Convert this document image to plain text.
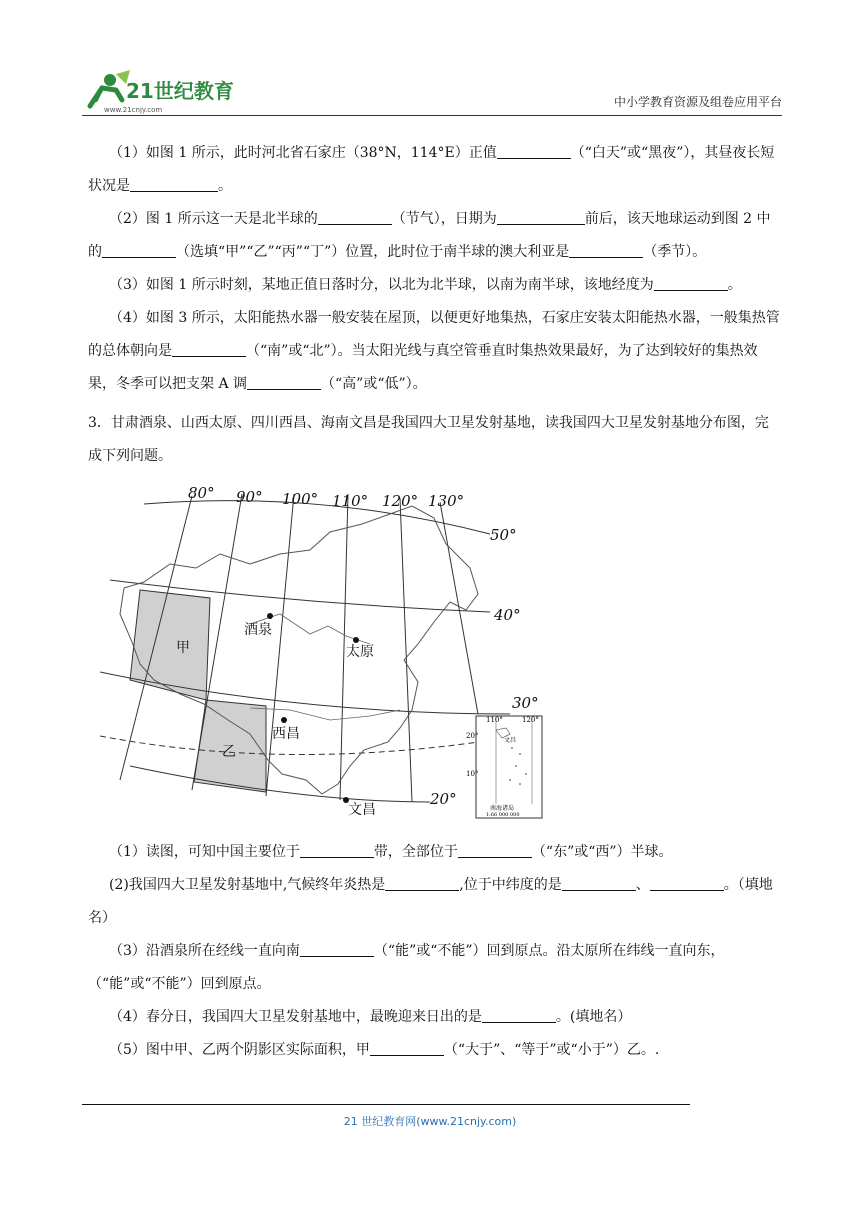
21世纪教育
www.21cnjy.com
中小学教育资源及组卷应用平台

（1）如图 1 所示，此时河北省石家庄（38°N，114°E）正值	（“白天”或“黑夜”），其昼夜长短状况是	。

（2）图 1 所示这一天是北半球的	（节气），日期为	前后，该天地球运动到图 2 中的	（选填“甲”“乙”“丙”“丁”）位置，此时位于南半球的澳大利亚是	（季节）。

（3）如图 1 所示时刻，某地正值日落时分，以北为北半球，以南为南半球，该地经度为	。

（4）如图 3 所示，太阳能热水器一般安装在屋顶，以便更好地集热，石家庄安装太阳能热水器，一般集热管的总体朝向是	（“南”或“北”）。当太阳光线与真空管垂直时集热效果最好，为了达到较好的集热效果，冬季可以把支架 A 调	（“高”或“低”）。

3．甘肃酒泉、山西太原、四川西昌、海南文昌是我国四大卫星发射基地，读我国四大卫星发射基地分布图，完成下列问题。

80° 90° 100° 110° 120° 130°
50°
40°
30°
20°
酒泉
太原
西昌
文昌
甲
乙
110°	120°
20°
10°
文昌
南海诸岛
1:66 000 000

（1）读图，可知中国主要位于	带，全部位于	（“东”或“西”）半球。

(2)我国四大卫星发射基地中,气候终年炎热是	,位于中纬度的是	、	。（填地名）

（3）沿酒泉所在经线一直向南	（“能”或“不能”）回到原点。沿太原所在纬线一直向东，（“能”或“不能”）回到原点。

（4）春分日，我国四大卫星发射基地中，最晚迎来日出的是	。(填地名）

（5）图中甲、乙两个阴影区实际面积，甲	（“大于”、“等于”或“小于”）乙。.

21 世纪教育网(www.21cnjy.com)
